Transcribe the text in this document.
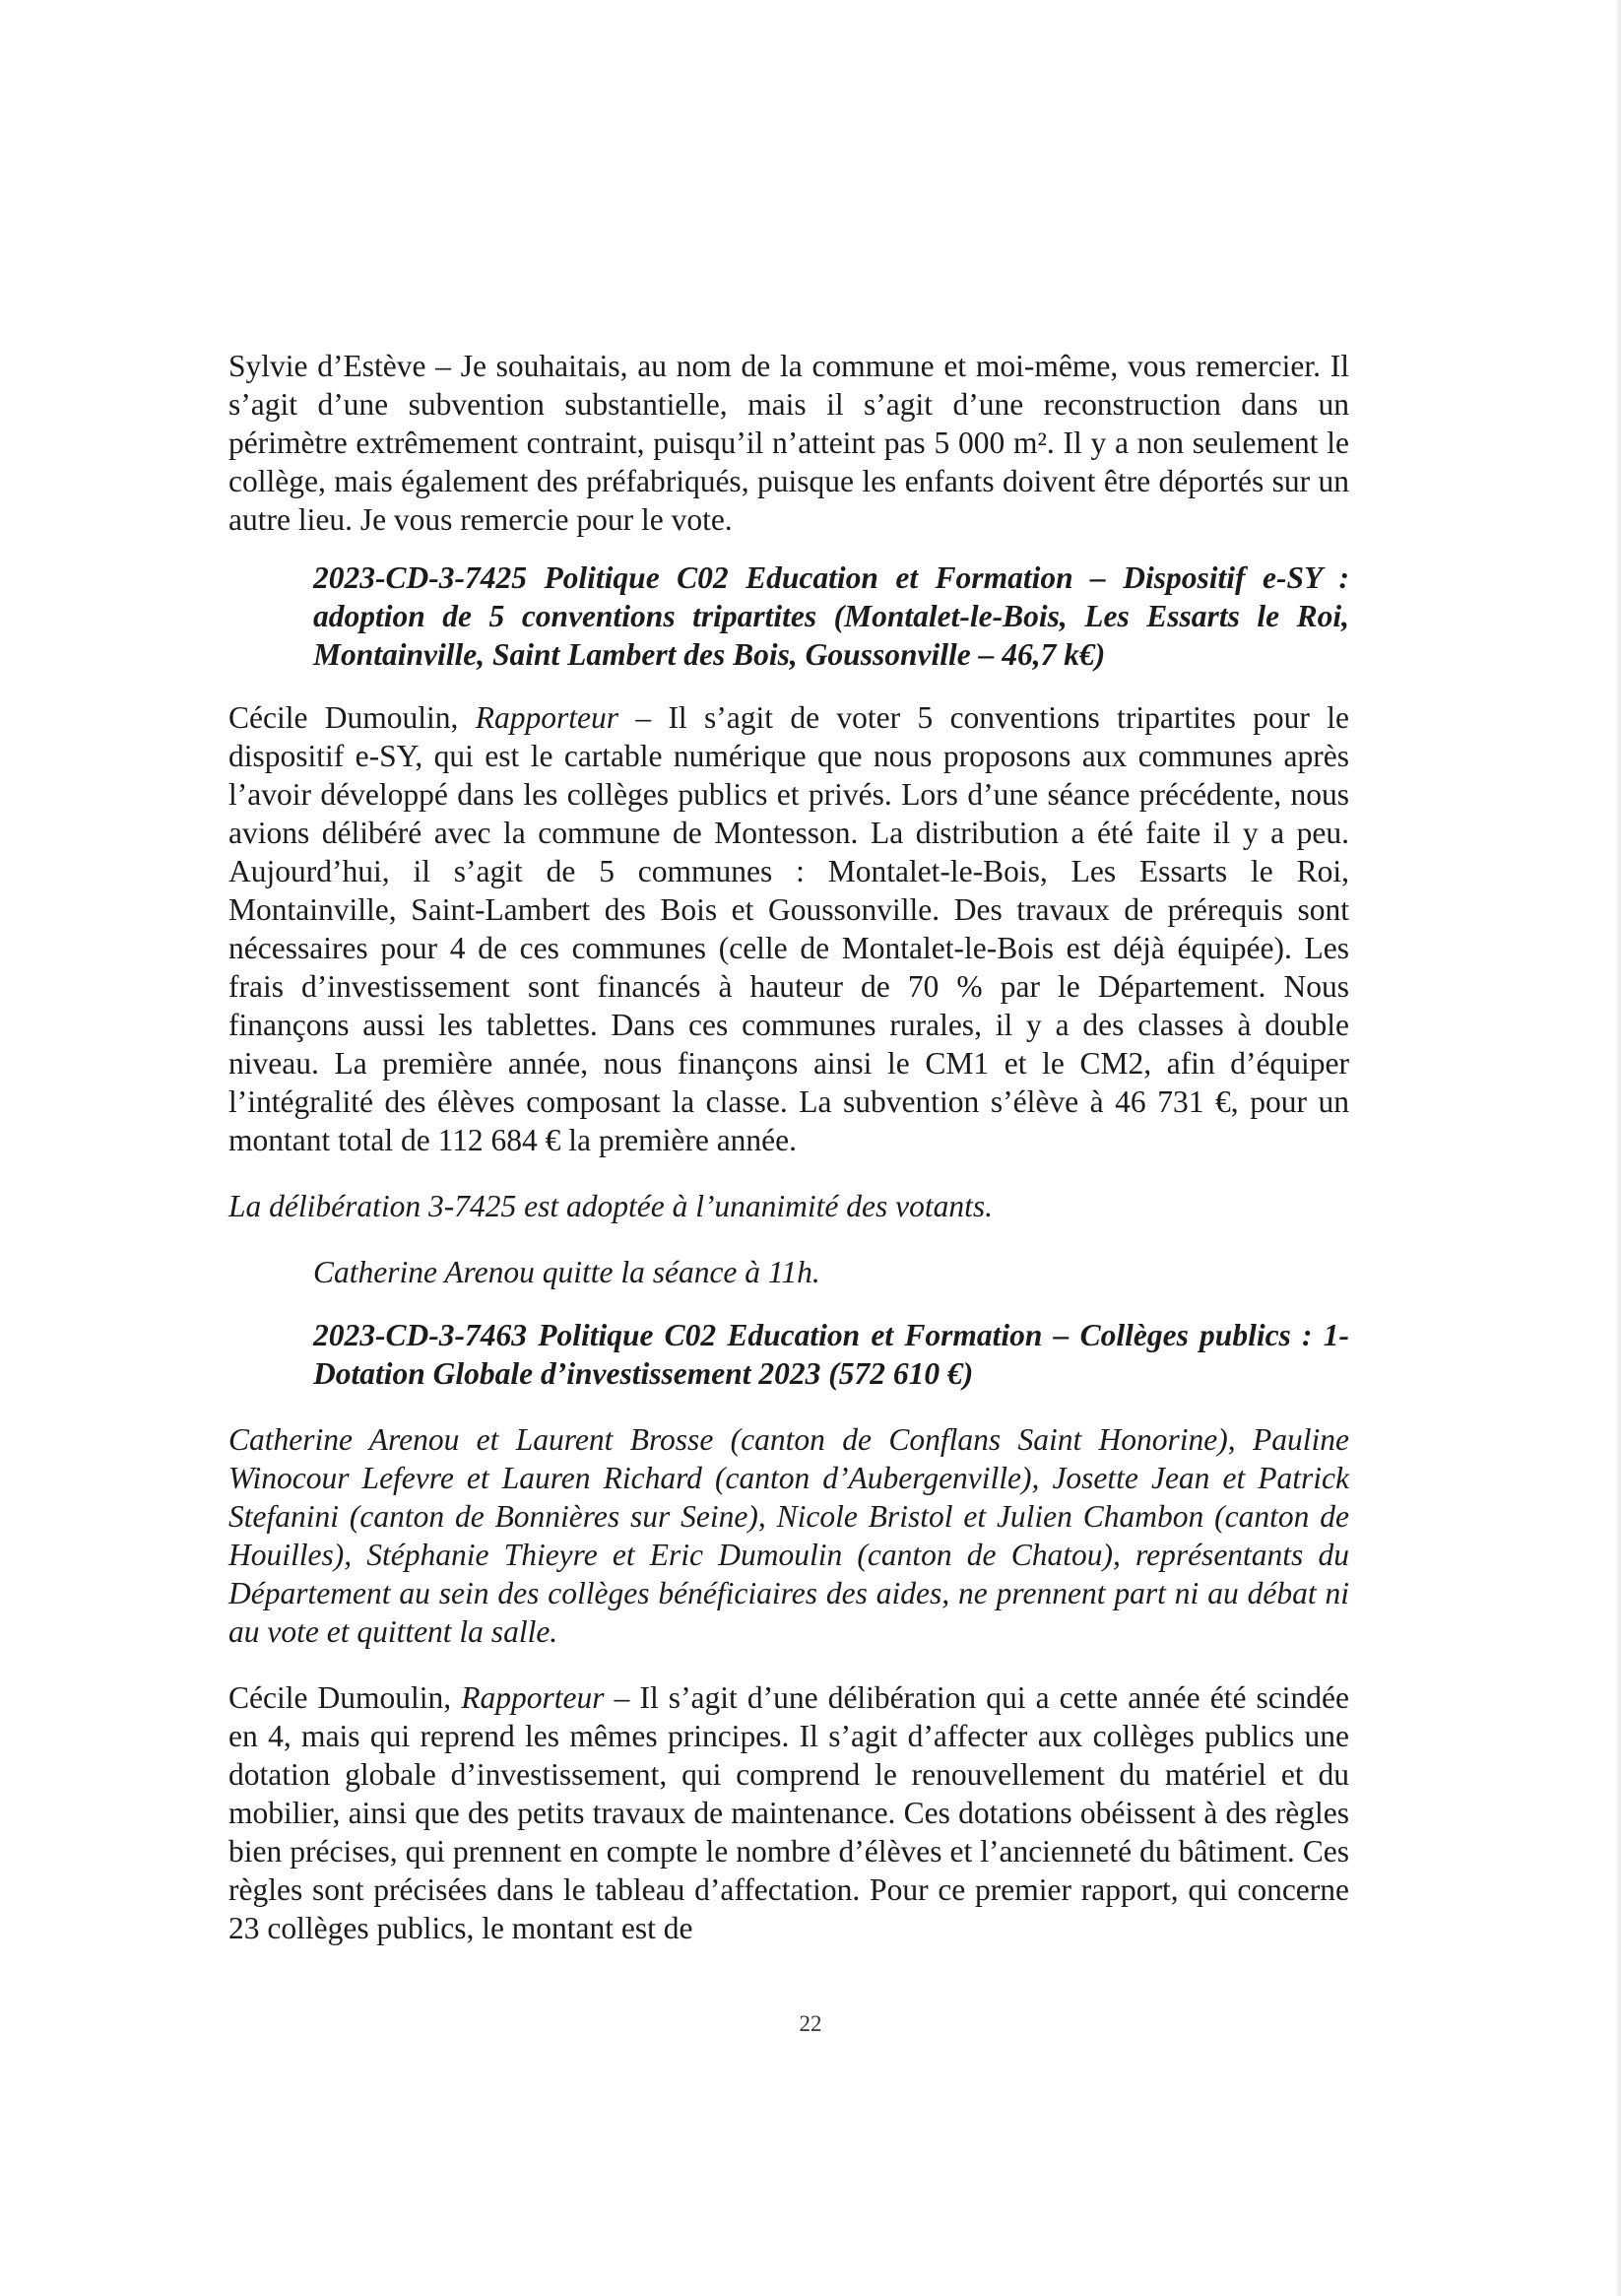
Sylvie d’Estève – Je souhaitais, au nom de la commune et moi-même, vous remercier. Il s’agit d’une subvention substantielle, mais il s’agit d’une reconstruction dans un périmètre extrêmement contraint, puisqu’il n’atteint pas 5 000 m². Il y a non seulement le collège, mais également des préfabriqués, puisque les enfants doivent être déportés sur un autre lieu. Je vous remercie pour le vote.

2023-CD-3-7425 Politique C02 Education et Formation – Dispositif e-SY : adoption de 5 conventions tripartites (Montalet-le-Bois, Les Essarts le Roi, Montainville, Saint Lambert des Bois, Goussonville – 46,7 k€)

Cécile Dumoulin, Rapporteur – Il s’agit de voter 5 conventions tripartites pour le dispositif e-SY, qui est le cartable numérique que nous proposons aux communes après l’avoir développé dans les collèges publics et privés. Lors d’une séance précédente, nous avions délibéré avec la commune de Montesson. La distribution a été faite il y a peu. Aujourd’hui, il s’agit de 5 communes : Montalet-le-Bois, Les Essarts le Roi, Montainville, Saint-Lambert des Bois et Goussonville. Des travaux de prérequis sont nécessaires pour 4 de ces communes (celle de Montalet-le-Bois est déjà équipée). Les frais d’investissement sont financés à hauteur de 70 % par le Département. Nous finançons aussi les tablettes. Dans ces communes rurales, il y a des classes à double niveau. La première année, nous finançons ainsi le CM1 et le CM2, afin d’équiper l’intégralité des élèves composant la classe. La subvention s’élève à 46 731 €, pour un montant total de 112 684 € la première année.

La délibération 3-7425 est adoptée à l’unanimité des votants.

Catherine Arenou quitte la séance à 11h.

2023-CD-3-7463 Politique C02 Education et Formation – Collèges publics : 1- Dotation Globale d’investissement 2023 (572 610 €)

Catherine Arenou et Laurent Brosse (canton de Conflans Saint Honorine), Pauline Winocour Lefevre et Lauren Richard (canton d’Aubergenville), Josette Jean et Patrick Stefanini (canton de Bonnières sur Seine), Nicole Bristol et Julien Chambon (canton de Houilles), Stéphanie Thieyre et Eric Dumoulin (canton de Chatou), représentants du Département au sein des collèges bénéficiaires des aides, ne prennent part ni au débat ni au vote et quittent la salle.

Cécile Dumoulin, Rapporteur – Il s’agit d’une délibération qui a cette année été scindée en 4, mais qui reprend les mêmes principes. Il s’agit d’affecter aux collèges publics une dotation globale d’investissement, qui comprend le renouvellement du matériel et du mobilier, ainsi que des petits travaux de maintenance. Ces dotations obéissent à des règles bien précises, qui prennent en compte le nombre d’élèves et l’ancienneté du bâtiment. Ces règles sont précisées dans le tableau d’affectation. Pour ce premier rapport, qui concerne 23 collèges publics, le montant est de

22
